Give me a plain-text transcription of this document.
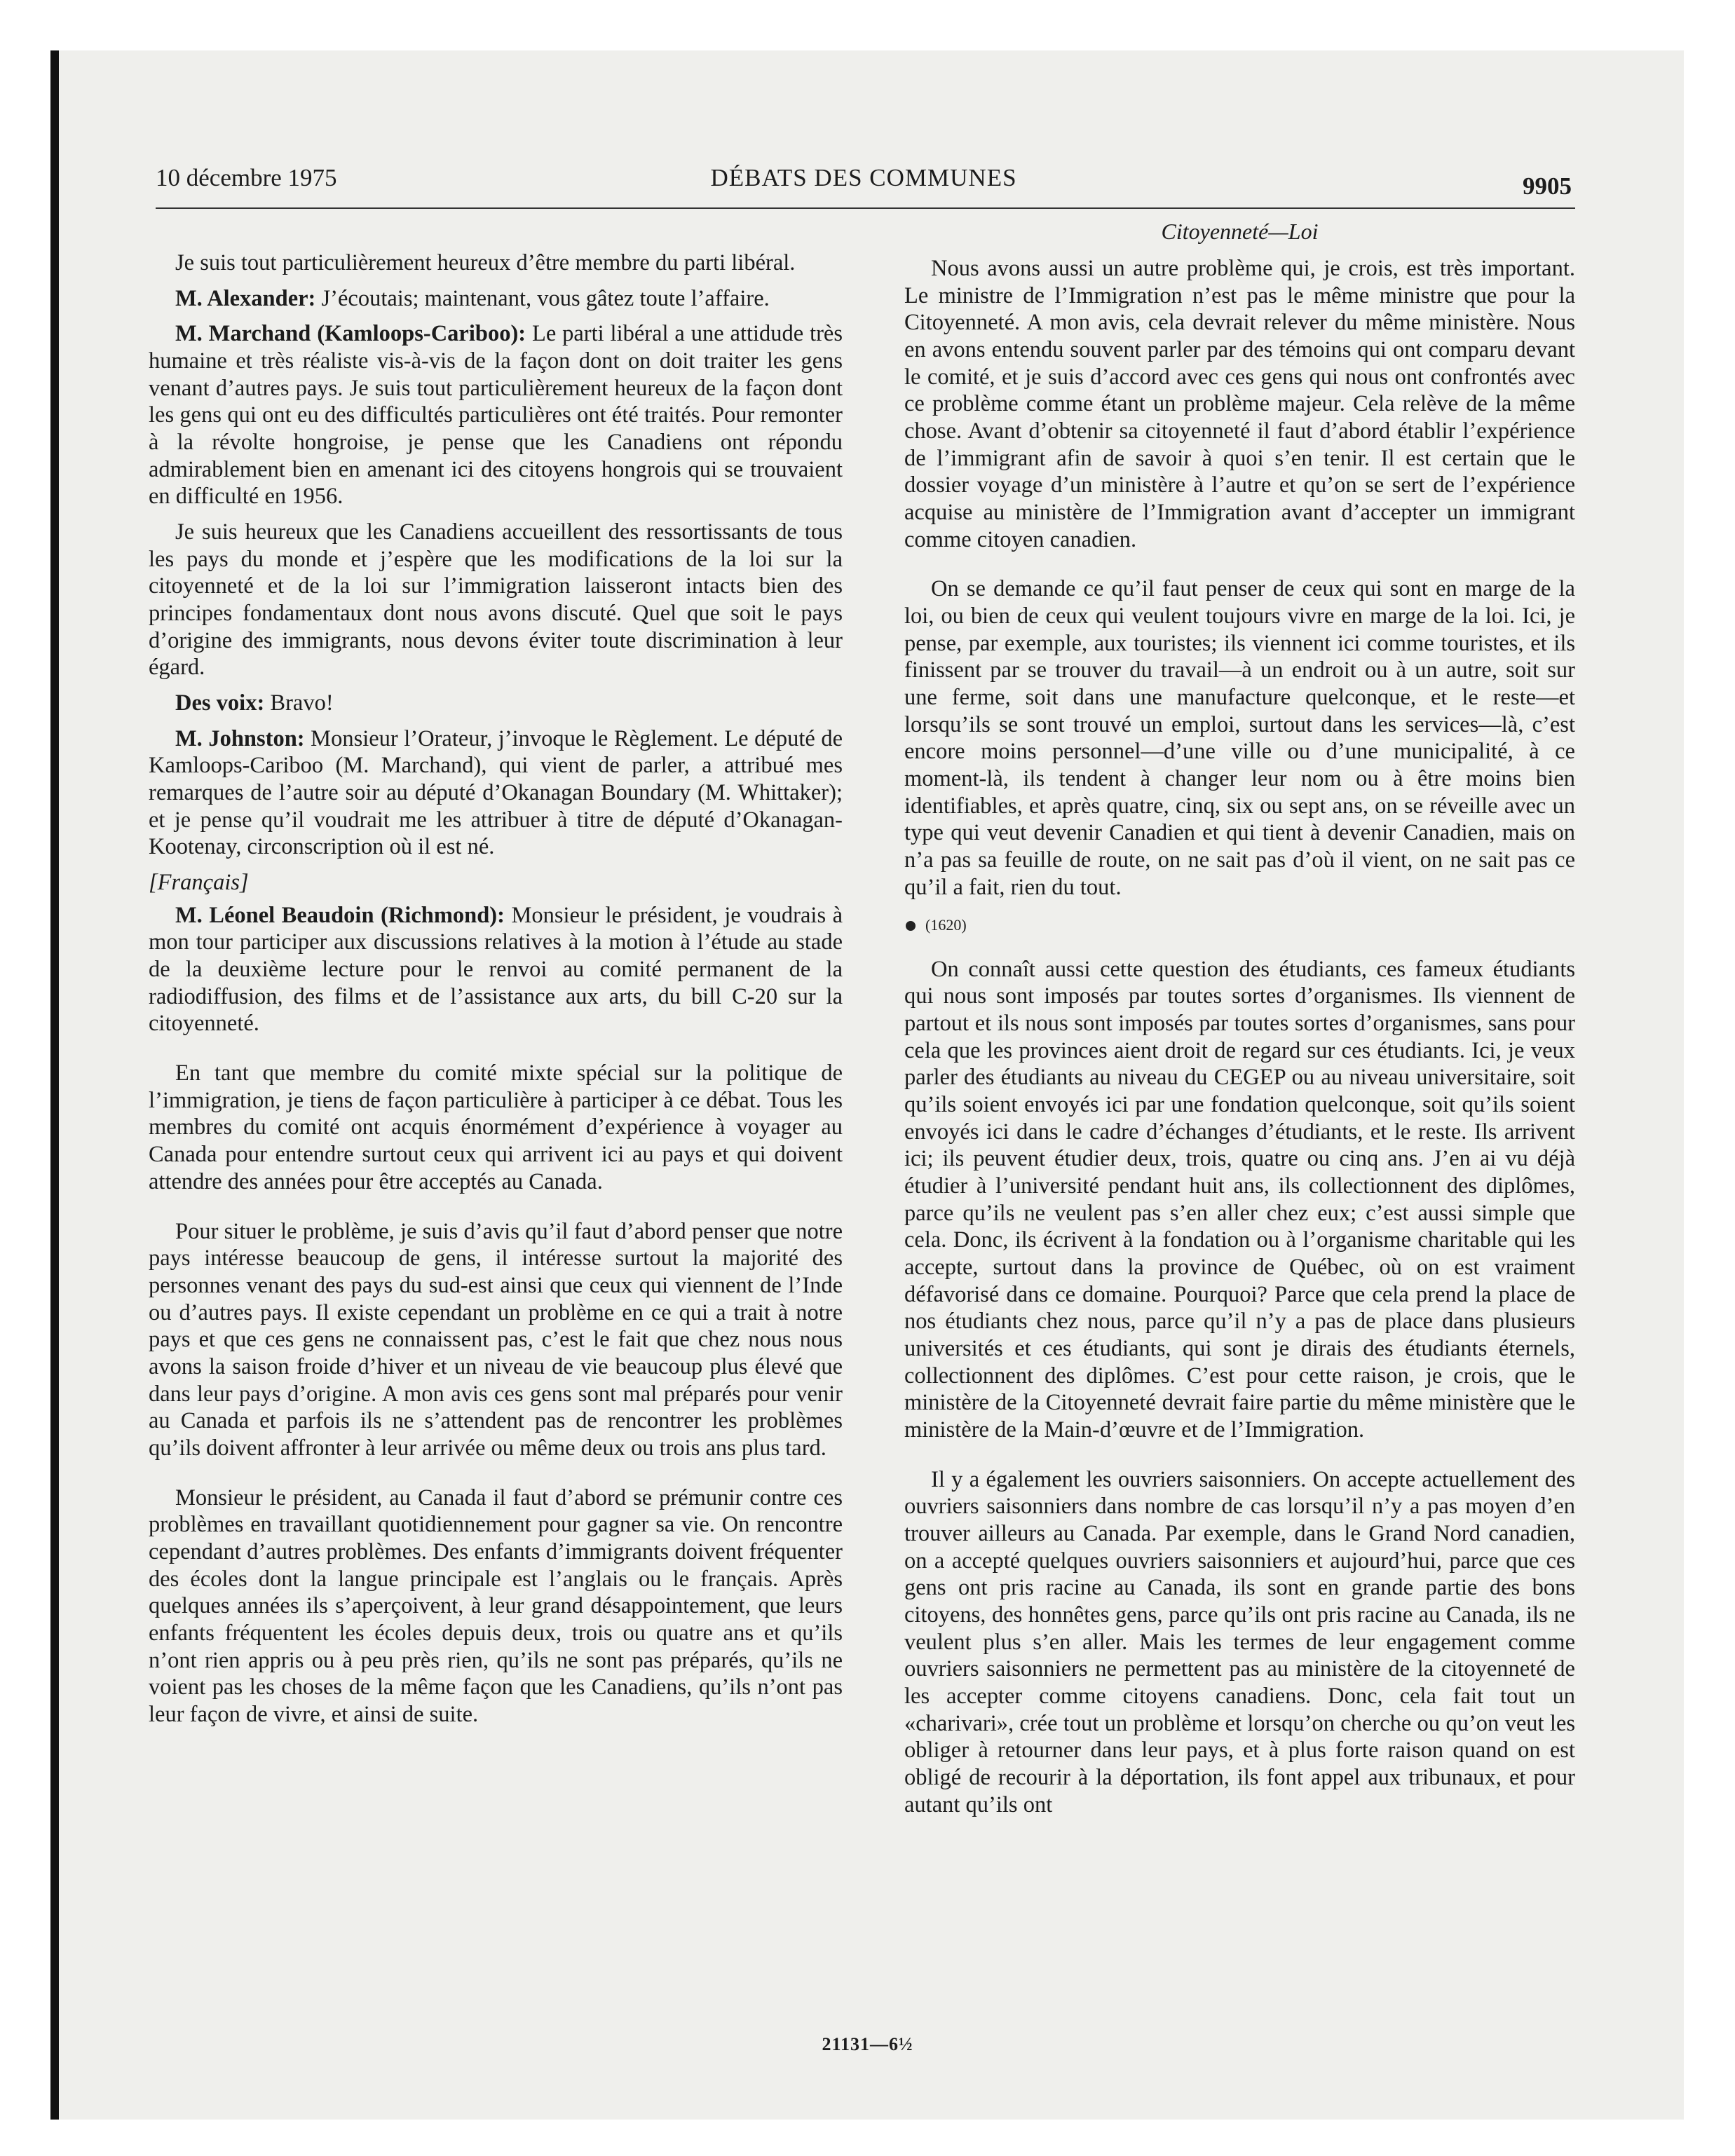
10 décembre 1975	DÉBATS DES COMMUNES	9905
Citoyenneté—Loi

Je suis tout particulièrement heureux d’être membre du parti libéral.

M. Alexander: J’écoutais; maintenant, vous gâtez toute l’affaire.

M. Marchand (Kamloops-Cariboo): Le parti libéral a une attidude très humaine et très réaliste vis-à-vis de la façon dont on doit traiter les gens venant d’autres pays. Je suis tout particulièrement heureux de la façon dont les gens qui ont eu des difficultés particulières ont été traités. Pour remonter à la révolte hongroise, je pense que les Canadiens ont répondu admirablement bien en amenant ici des citoyens hongrois qui se trouvaient en difficulté en 1956.

Je suis heureux que les Canadiens accueillent des ressortissants de tous les pays du monde et j’espère que les modifications de la loi sur la citoyenneté et de la loi sur l’immigration laisseront intacts bien des principes fondamentaux dont nous avons discuté. Quel que soit le pays d’origine des immigrants, nous devons éviter toute discrimination à leur égard.

Des voix: Bravo!

M. Johnston: Monsieur l’Orateur, j’invoque le Règlement. Le député de Kamloops-Cariboo (M. Marchand), qui vient de parler, a attribué mes remarques de l’autre soir au député d’Okanagan Boundary (M. Whittaker); et je pense qu’il voudrait me les attribuer à titre de député d’Okanagan-Kootenay, circonscription où il est né.

[Français]

M. Léonel Beaudoin (Richmond): Monsieur le président, je voudrais à mon tour participer aux discussions relatives à la motion à l’étude au stade de la deuxième lecture pour le renvoi au comité permanent de la radiodiffusion, des films et de l’assistance aux arts, du bill C-20 sur la citoyenneté.

En tant que membre du comité mixte spécial sur la politique de l’immigration, je tiens de façon particulière à participer à ce débat. Tous les membres du comité ont acquis énormément d’expérience à voyager au Canada pour entendre surtout ceux qui arrivent ici au pays et qui doivent attendre des années pour être acceptés au Canada.

Pour situer le problème, je suis d’avis qu’il faut d’abord penser que notre pays intéresse beaucoup de gens, il intéresse surtout la majorité des personnes venant des pays du sud-est ainsi que ceux qui viennent de l’Inde ou d’autres pays. Il existe cependant un problème en ce qui a trait à notre pays et que ces gens ne connaissent pas, c’est le fait que chez nous nous avons la saison froide d’hiver et un niveau de vie beaucoup plus élevé que dans leur pays d’origine. A mon avis ces gens sont mal préparés pour venir au Canada et parfois ils ne s’attendent pas de rencontrer les problèmes qu’ils doivent affronter à leur arrivée ou même deux ou trois ans plus tard.

Monsieur le président, au Canada il faut d’abord se prémunir contre ces problèmes en travaillant quotidiennement pour gagner sa vie. On rencontre cependant d’autres problèmes. Des enfants d’immigrants doivent fréquenter des écoles dont la langue principale est l’anglais ou le français. Après quelques années ils s’aperçoivent, à leur grand désappointement, que leurs enfants fréquentent les écoles depuis deux, trois ou quatre ans et qu’ils n’ont rien appris ou à peu près rien, qu’ils ne sont pas préparés, qu’ils ne voient pas les choses de la même façon que les Canadiens, qu’ils n’ont pas leur façon de vivre, et ainsi de suite.

Nous avons aussi un autre problème qui, je crois, est très important. Le ministre de l’Immigration n’est pas le même ministre que pour la Citoyenneté. A mon avis, cela devrait relever du même ministère. Nous en avons entendu souvent parler par des témoins qui ont comparu devant le comité, et je suis d’accord avec ces gens qui nous ont confrontés avec ce problème comme étant un problème majeur. Cela relève de la même chose. Avant d’obtenir sa citoyenneté il faut d’abord établir l’expérience de l’immigrant afin de savoir à quoi s’en tenir. Il est certain que le dossier voyage d’un ministère à l’autre et qu’on se sert de l’expérience acquise au ministère de l’Immigration avant d’accepter un immigrant comme citoyen canadien.

On se demande ce qu’il faut penser de ceux qui sont en marge de la loi, ou bien de ceux qui veulent toujours vivre en marge de la loi. Ici, je pense, par exemple, aux touristes; ils viennent ici comme touristes, et ils finissent par se trouver du travail—à un endroit ou à un autre, soit sur une ferme, soit dans une manufacture quelconque, et le reste—et lorsqu’ils se sont trouvé un emploi, surtout dans les services—là, c’est encore moins personnel—d’une ville ou d’une municipalité, à ce moment-là, ils tendent à changer leur nom ou à être moins bien identifiables, et après quatre, cinq, six ou sept ans, on se réveille avec un type qui veut devenir Canadien et qui tient à devenir Canadien, mais on n’a pas sa feuille de route, on ne sait pas d’où il vient, on ne sait pas ce qu’il a fait, rien du tout.

(1620)

On connaît aussi cette question des étudiants, ces fameux étudiants qui nous sont imposés par toutes sortes d’organismes. Ils viennent de partout et ils nous sont imposés par toutes sortes d’organismes, sans pour cela que les provinces aient droit de regard sur ces étudiants. Ici, je veux parler des étudiants au niveau du CEGEP ou au niveau universitaire, soit qu’ils soient envoyés ici par une fondation quelconque, soit qu’ils soient envoyés ici dans le cadre d’échanges d’étudiants, et le reste. Ils arrivent ici; ils peuvent étudier deux, trois, quatre ou cinq ans. J’en ai vu déjà étudier à l’université pendant huit ans, ils collectionnent des diplômes, parce qu’ils ne veulent pas s’en aller chez eux; c’est aussi simple que cela. Donc, ils écrivent à la fondation ou à l’organisme charitable qui les accepte, surtout dans la province de Québec, où on est vraiment défavorisé dans ce domaine. Pourquoi? Parce que cela prend la place de nos étudiants chez nous, parce qu’il n’y a pas de place dans plusieurs universités et ces étudiants, qui sont je dirais des étudiants éternels, collectionnent des diplômes. C’est pour cette raison, je crois, que le ministère de la Citoyenneté devrait faire partie du même ministère que le ministère de la Main-d’œuvre et de l’Immigration.

Il y a également les ouvriers saisonniers. On accepte actuellement des ouvriers saisonniers dans nombre de cas lorsqu’il n’y a pas moyen d’en trouver ailleurs au Canada. Par exemple, dans le Grand Nord canadien, on a accepté quelques ouvriers saisonniers et aujourd’hui, parce que ces gens ont pris racine au Canada, ils sont en grande partie des bons citoyens, des honnêtes gens, parce qu’ils ont pris racine au Canada, ils ne veulent plus s’en aller. Mais les termes de leur engagement comme ouvriers saisonniers ne permettent pas au ministère de la citoyenneté de les accepter comme citoyens canadiens. Donc, cela fait tout un «charivari», crée tout un problème et lorsqu’on cherche ou qu’on veut les obliger à retourner dans leur pays, et à plus forte raison quand on est obligé de recourir à la déportation, ils font appel aux tribunaux, et pour autant qu’ils ont

21131—6½
